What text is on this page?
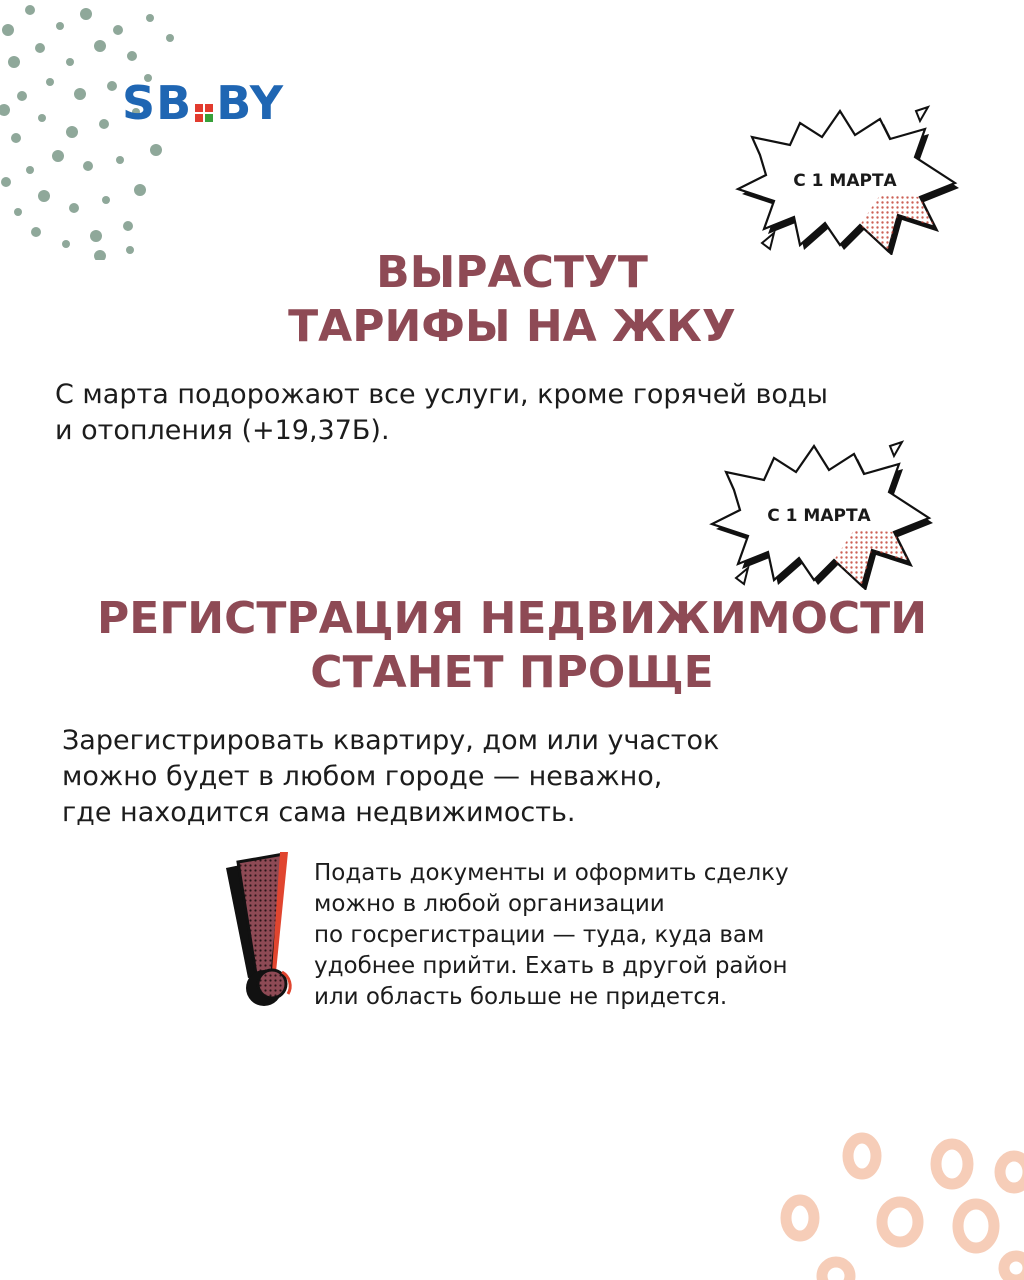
SB BY
С 1 МАРТА
ВЫРАСТУТ
ТАРИФЫ НА ЖКУ

С марта подорожают все услуги, кроме горячей воды
и отопления (+19,37Ƃ).

С 1 МАРТА
РЕГИСТРАЦИЯ НЕДВИЖИМОСТИ
СТАНЕТ ПРОЩЕ

Зарегистрировать квартиру, дом или участок
можно будет в любом городе — неважно,
где находится сама недвижимость.

Подать документы и оформить сделку
можно в любой организации
по госрегистрации — туда, куда вам
удобнее прийти. Ехать в другой район
или область больше не придется.
